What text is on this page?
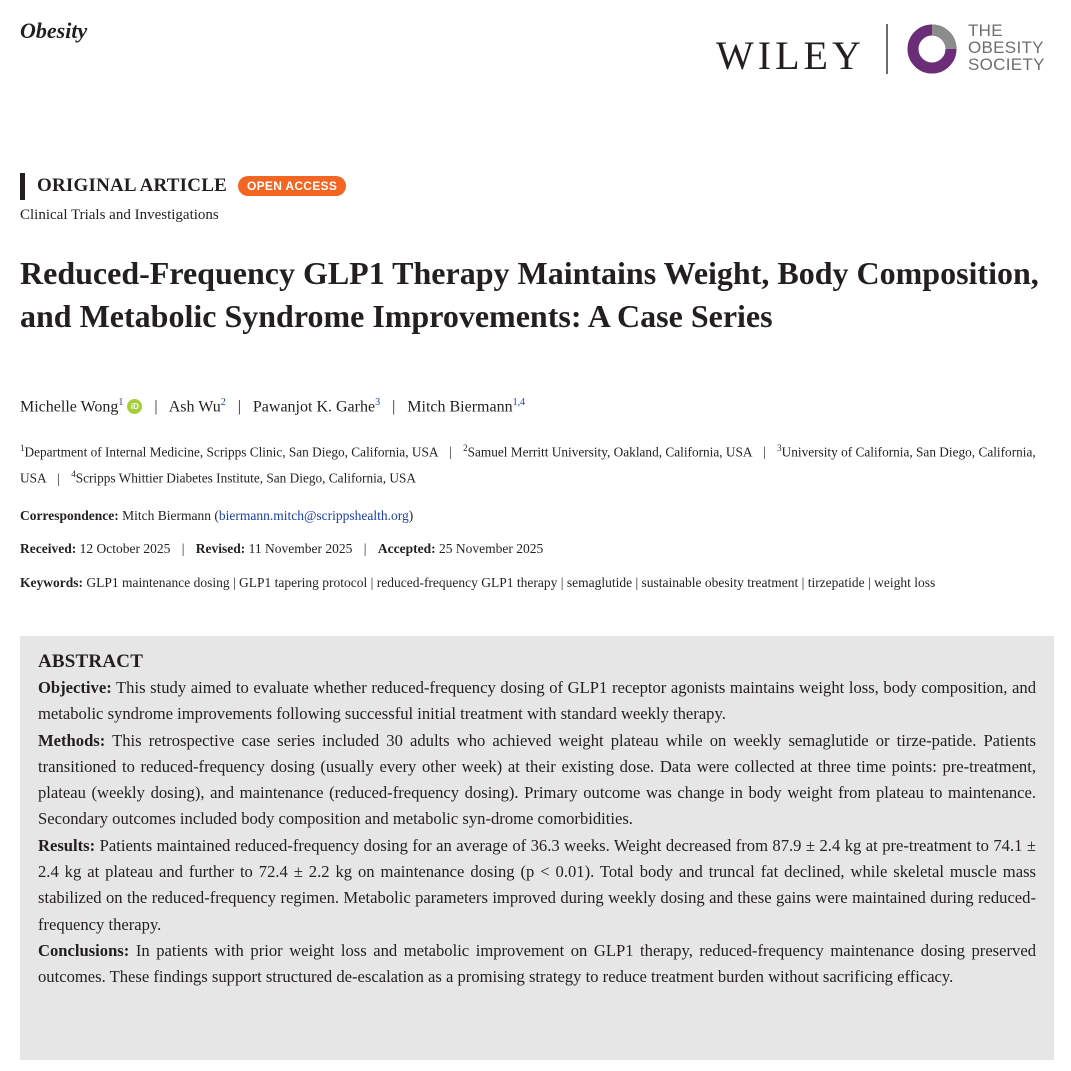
Obesity
WILEY
THE
OBESITY
SOCIETY
ORIGINAL ARTICLE	OPEN ACCESS
Clinical Trials and Investigations
Reduced-Frequency GLP1 Therapy Maintains Weight, Body Composition, and Metabolic Syndrome Improvements: A Case Series
Michelle Wong$^1$ iD | Ash Wu$^2$ | Pawanjot K. Garhe$^3$ | Mitch Biermann$^{1,4}$
$^1$Department of Internal Medicine, Scripps Clinic, San Diego, California, USA | $^2$Samuel Merritt University, Oakland, California, USA | $^3$University of California, San Diego, California, USA | $^4$Scripps Whittier Diabetes Institute, San Diego, California, USA
Correspondence: Mitch Biermann (biermann.mitch@scrippshealth.org)
Received: 12 October 2025 | Revised: 11 November 2025 | Accepted: 25 November 2025
Keywords: GLP1 maintenance dosing | GLP1 tapering protocol | reduced-frequency GLP1 therapy | semaglutide | sustainable obesity treatment | tirzepatide | weight loss
ABSTRACT

Objective: This study aimed to evaluate whether reduced-frequency dosing of GLP1 receptor agonists maintains weight loss, body composition, and metabolic syndrome improvements following successful initial treatment with standard weekly therapy.

Methods: This retrospective case series included 30 adults who achieved weight plateau while on weekly semaglutide or tirze-patide. Patients transitioned to reduced-frequency dosing (usually every other week) at their existing dose. Data were collected at three time points: pre-treatment, plateau (weekly dosing), and maintenance (reduced-frequency dosing). Primary outcome was change in body weight from plateau to maintenance. Secondary outcomes included body composition and metabolic syn-drome comorbidities.

Results: Patients maintained reduced-frequency dosing for an average of 36.3 weeks. Weight decreased from 87.9 ± 2.4 kg at pre-treatment to 74.1 ± 2.4 kg at plateau and further to 72.4 ± 2.2 kg on maintenance dosing (p < 0.01). Total body and truncal fat declined, while skeletal muscle mass stabilized on the reduced-frequency regimen. Metabolic parameters improved during weekly dosing and these gains were maintained during reduced-frequency therapy.

Conclusions: In patients with prior weight loss and metabolic improvement on GLP1 therapy, reduced-frequency maintenance dosing preserved outcomes. These findings support structured de-escalation as a promising strategy to reduce treatment burden without sacrificing efficacy.
